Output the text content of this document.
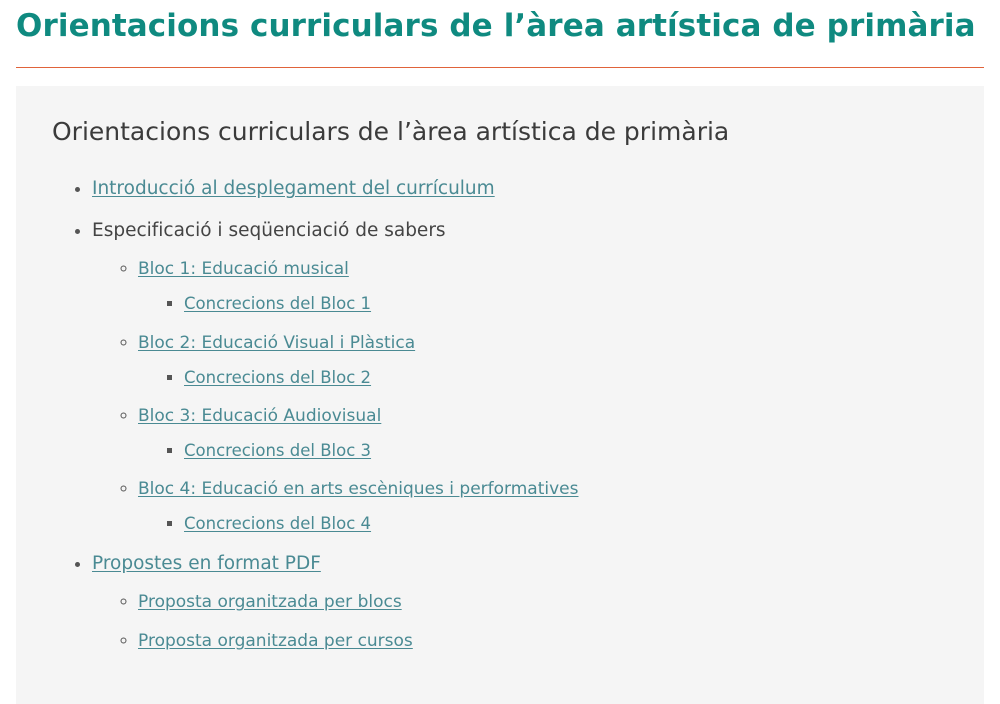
Orientacions curriculars de l’àrea artística de primària
Orientacions curriculars de l’àrea artística de primària
• Introducció al desplegament del currículum
• Especificació i seqüenciació de sabers
◦ Bloc 1: Educació musical
▪ Concrecions del Bloc 1
◦ Bloc 2: Educació Visual i Plàstica
▪ Concrecions del Bloc 2
◦ Bloc 3: Educació Audiovisual
▪ Concrecions del Bloc 3
◦ Bloc 4: Educació en arts escèniques i performatives
▪ Concrecions del Bloc 4
• Propostes en format PDF
◦ Proposta organitzada per blocs
◦ Proposta organitzada per cursos
